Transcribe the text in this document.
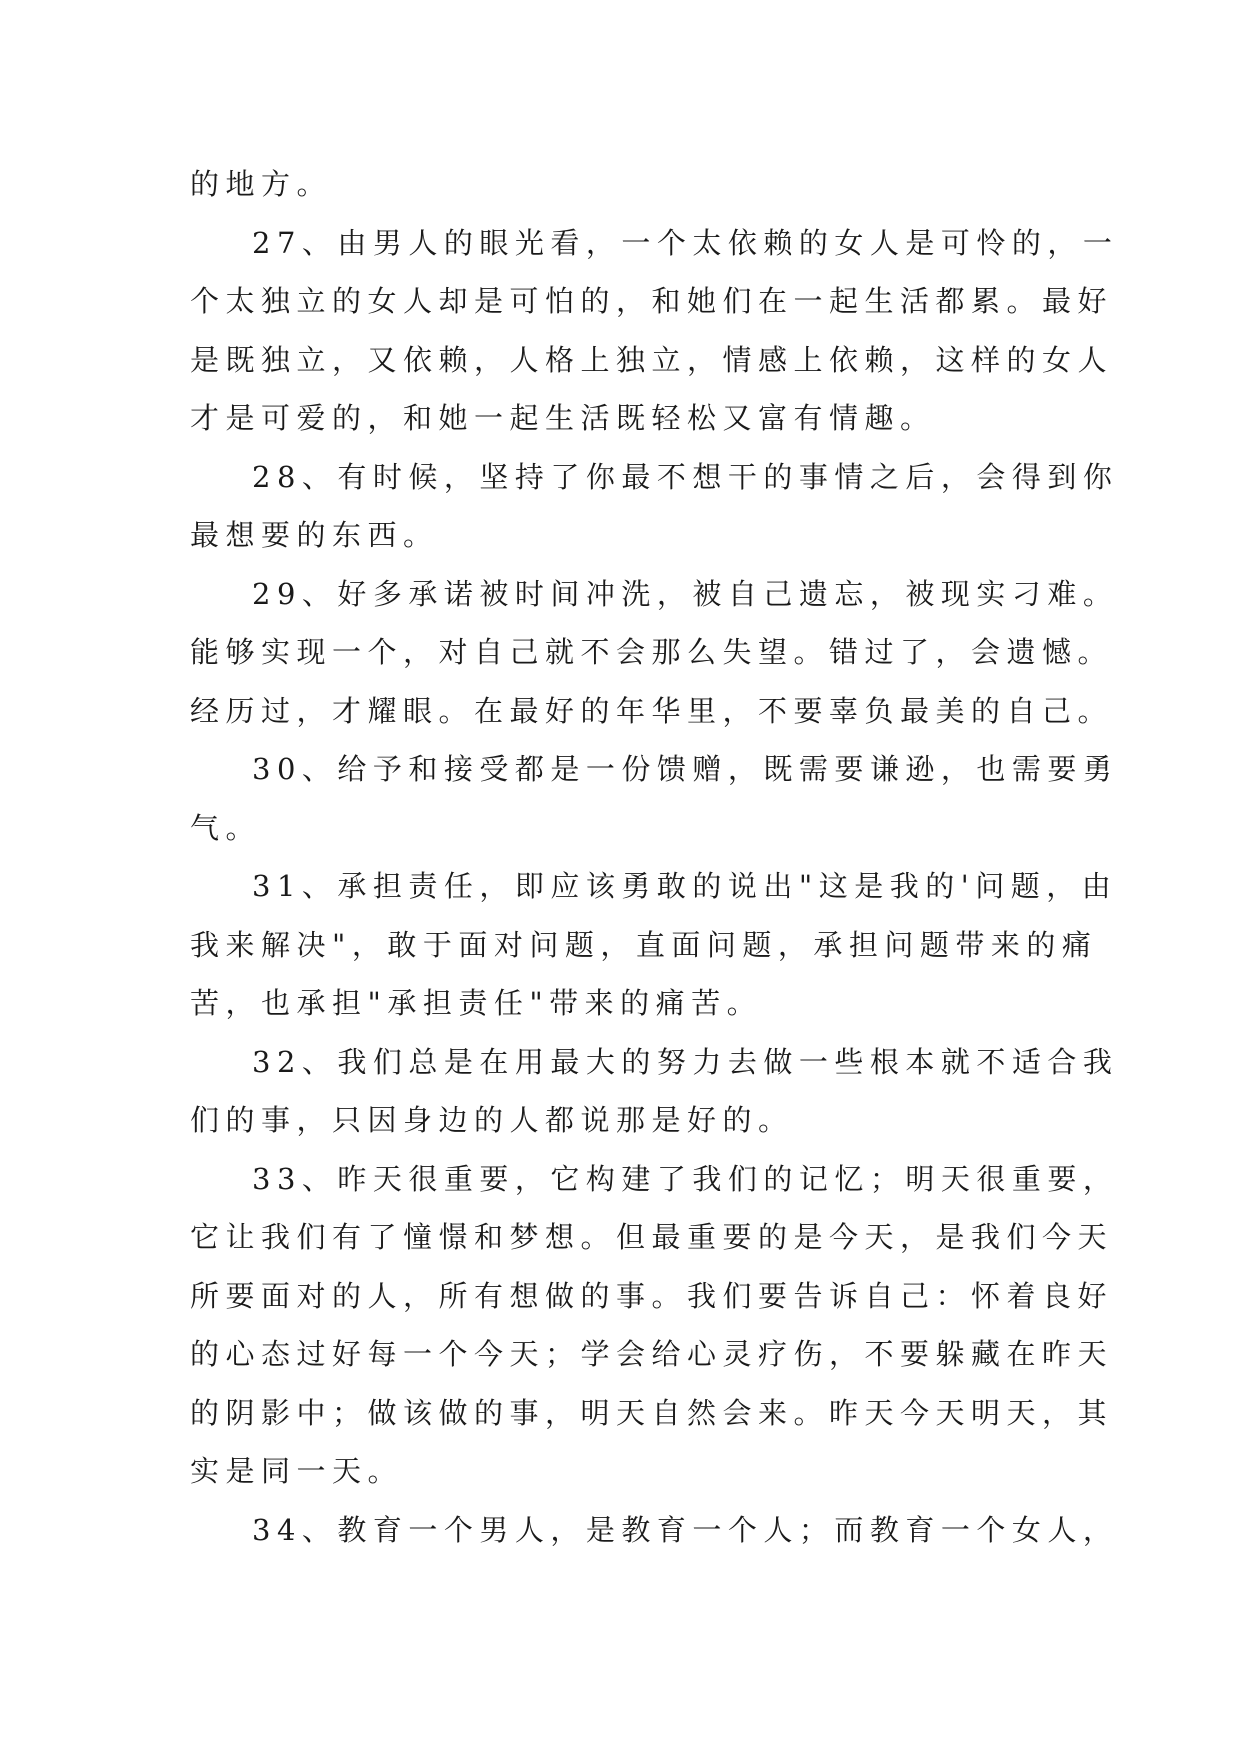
的地方。
27、由男人的眼光看，一个太依赖的女人是可怜的，一
个太独立的女人却是可怕的，和她们在一起生活都累。最好
是既独立，又依赖，人格上独立，情感上依赖，这样的女人
才是可爱的，和她一起生活既轻松又富有情趣。
28、有时候，坚持了你最不想干的事情之后，会得到你
最想要的东西。
29、好多承诺被时间冲洗，被自己遗忘，被现实刁难。
能够实现一个，对自己就不会那么失望。错过了，会遗憾。
经历过，才耀眼。在最好的年华里，不要辜负最美的自己。
30、给予和接受都是一份馈赠，既需要谦逊，也需要勇
气。
31、承担责任，即应该勇敢的说出"这是我的'问题，由
我来解决"，敢于面对问题，直面问题，承担问题带来的痛
苦，也承担"承担责任"带来的痛苦。
32、我们总是在用最大的努力去做一些根本就不适合我
们的事，只因身边的人都说那是好的。
33、昨天很重要，它构建了我们的记忆；明天很重要，
它让我们有了憧憬和梦想。但最重要的是今天，是我们今天
所要面对的人，所有想做的事。我们要告诉自己：怀着良好
的心态过好每一个今天；学会给心灵疗伤，不要躲藏在昨天
的阴影中；做该做的事，明天自然会来。昨天今天明天，其
实是同一天。
34、教育一个男人，是教育一个人；而教育一个女人，
